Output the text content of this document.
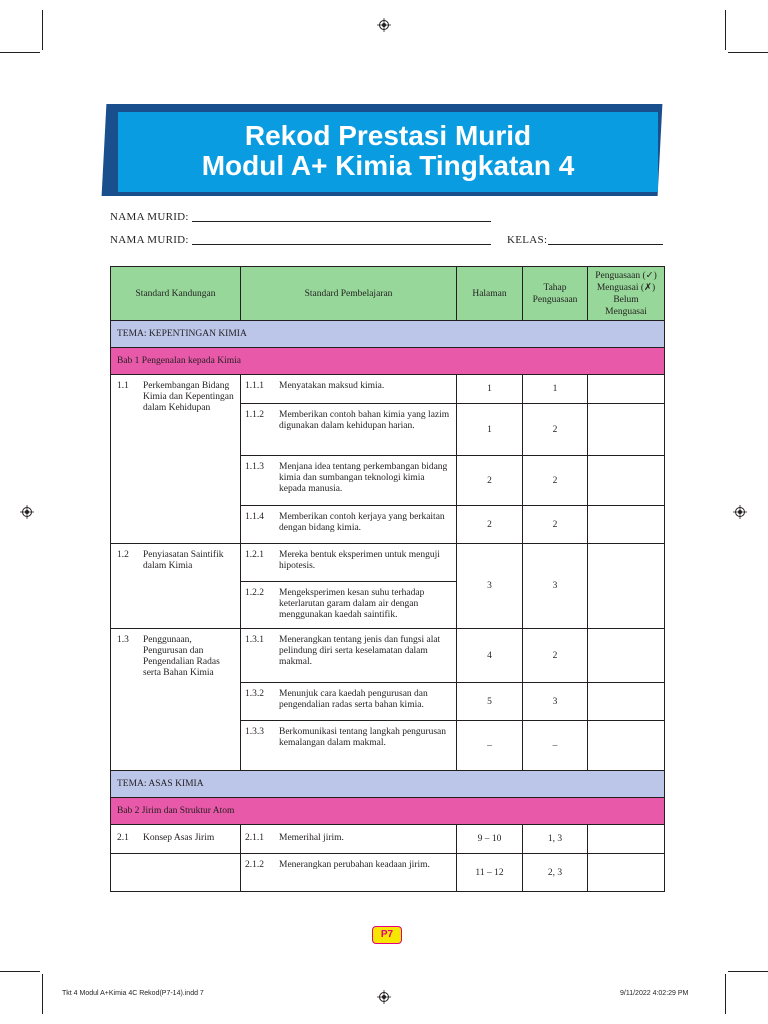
Rekod Prestasi Murid
Modul A+ Kimia Tingkatan 4
NAMA MURID:
NAMA MURID:	KELAS:
Standard Kandungan	Standard Pembelajaran	Halaman	Tahap Penguasaan	Penguasaan (✓) Menguasai (✗) Belum Menguasai
TEMA: KEPENTINGAN KIMIA				
Bab 1 Pengenalan kepada Kimia				

1.1 Perkembangan Bidang Kimia dan Kepentingan dalam Kehidupan	1.1.1 Menyatakan maksud kimia.	1	1	

	1.1.2 Memberikan contoh bahan kimia yang lazim digunakan dalam kehidupan harian.	1	2	

	1.1.3 Menjana idea tentang perkembangan bidang kimia dan sumbangan teknologi kimia kepada manusia.	2	2	

	1.1.4 Memberikan contoh kerjaya yang berkaitan dengan bidang kimia.	2	2	

1.2 Penyiasatan Saintifik dalam Kimia	1.2.1 Mereka bentuk eksperimen untuk menguji hipotesis.	3	3	

	1.2.2 Mengeksperimen kesan suhu terhadap keterlarutan garam dalam air dengan menggunakan kaedah saintifik.			

1.3 Penggunaan, Pengurusan dan Pengendalian Radas serta Bahan Kimia	1.3.1 Menerangkan tentang jenis dan fungsi alat pelindung diri serta keselamatan dalam makmal.	4	2	

	1.3.2 Menunjuk cara kaedah pengurusan dan pengendalian radas serta bahan kimia.	5	3	

	1.3.3 Berkomunikasi tentang langkah pengurusan kemalangan dalam makmal.	–	–	
TEMA: ASAS KIMIA				
Bab 2 Jirim dan Struktur Atom				

2.1 Konsep Asas Jirim	2.1.1 Memerihal jirim.	9 – 10	1, 3	

	2.1.2 Menerangkan perubahan keadaan jirim.	11 – 12	2, 3	
P7
Tkt 4 Modul A+Kimia 4C Rekod(P7-14).indd 7	9/11/2022 4:02:29 PM
